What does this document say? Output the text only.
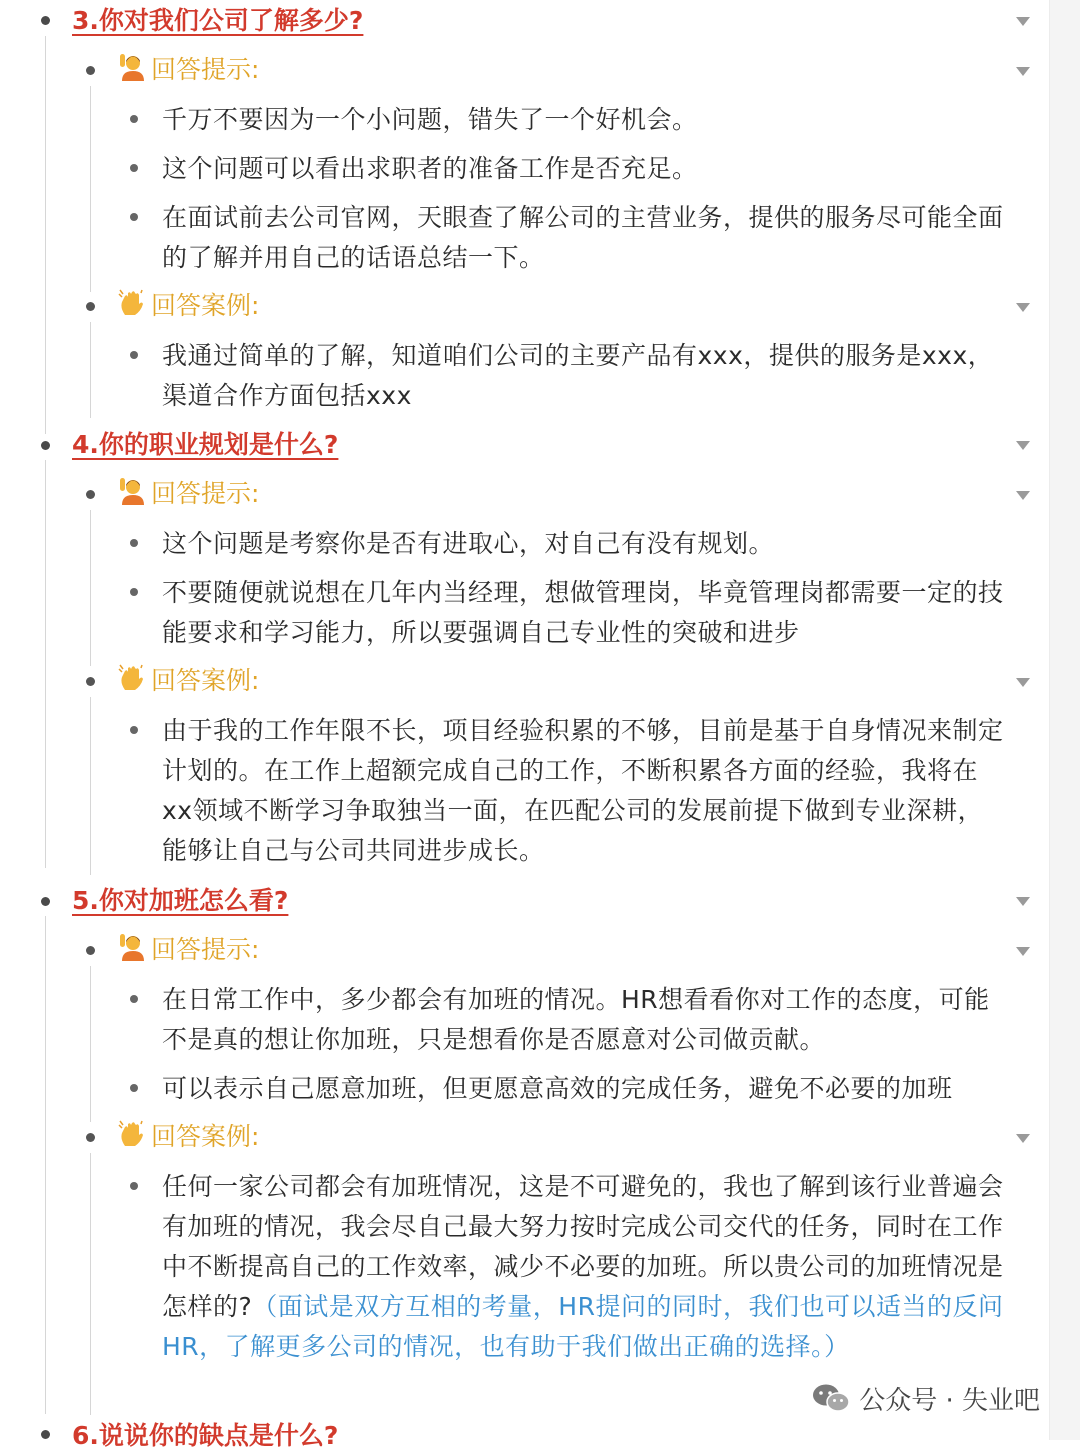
3.你对我们公司了解多少?
回答提示:
千万不要因为一个小问题，错失了一个好机会。
这个问题可以看出求职者的准备工作是否充足。
在面试前去公司官网，天眼查了解公司的主营业务，提供的服务尽可能全面的了解并用自己的话语总结一下。
回答案例:
我通过简单的了解，知道咱们公司的主要产品有xxx，提供的服务是xxx，渠道合作方面包括xxx
4.你的职业规划是什么?
回答提示:
这个问题是考察你是否有进取心，对自己有没有规划。
不要随便就说想在几年内当经理，想做管理岗，毕竟管理岗都需要一定的技能要求和学习能力，所以要强调自己专业性的突破和进步
回答案例:
由于我的工作年限不长，项目经验积累的不够，目前是基于自身情况来制定计划的。在工作上超额完成自己的工作，不断积累各方面的经验，我将在xx领域不断学习争取独当一面，在匹配公司的发展前提下做到专业深耕，能够让自己与公司共同进步成长。
5.你对加班怎么看?
回答提示:
在日常工作中，多少都会有加班的情况。HR想看看你对工作的态度，可能不是真的想让你加班，只是想看你是否愿意对公司做贡献。
可以表示自己愿意加班，但更愿意高效的完成任务，避免不必要的加班
回答案例:
任何一家公司都会有加班情况，这是不可避免的，我也了解到该行业普遍会有加班的情况，我会尽自己最大努力按时完成公司交代的任务，同时在工作中不断提高自己的工作效率，减少不必要的加班。所以贵公司的加班情况是怎样的?（面试是双方互相的考量，HR提问的同时，我们也可以适当的反问HR，了解更多公司的情况，也有助于我们做出正确的选择。）
6.说说你的缺点是什么?
公众号 · 失业吧
